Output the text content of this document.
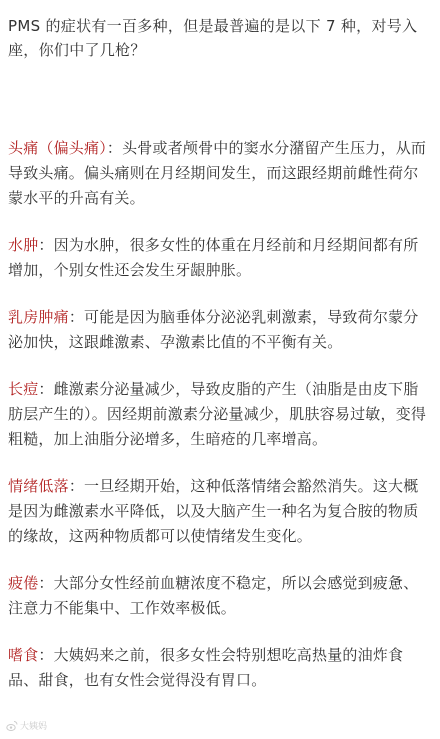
PMS 的症状有一百多种，但是最普遍的是以下 7 种，对号入座，你们中了几枪？

头痛（偏头痛）：头骨或者颅骨中的窦水分潴留产生压力，从而导致头痛。偏头痛则在月经期间发生，而这跟经期前雌性荷尔蒙水平的升高有关。

水肿：因为水肿，很多女性的体重在月经前和月经期间都有所增加，个别女性还会发生牙龈肿胀。

乳房肿痛：可能是因为脑垂体分泌泌乳刺激素，导致荷尔蒙分泌加快，这跟雌激素、孕激素比值的不平衡有关。

长痘：雌激素分泌量减少，导致皮脂的产生（油脂是由皮下脂肪层产生的）。因经期前激素分泌量减少，肌肤容易过敏，变得粗糙，加上油脂分泌增多，生暗疮的几率增高。

情绪低落：一旦经期开始，这种低落情绪会豁然消失。这大概是因为雌激素水平降低，以及大脑产生一种名为复合胺的物质的缘故，这两种物质都可以使情绪发生变化。

疲倦：大部分女性经前血糖浓度不稳定，所以会感觉到疲惫、注意力不能集中、工作效率极低。

嗜食：大姨妈来之前，很多女性会特别想吃高热量的油炸食品、甜食，也有女性会觉得没有胃口。

大姨妈
